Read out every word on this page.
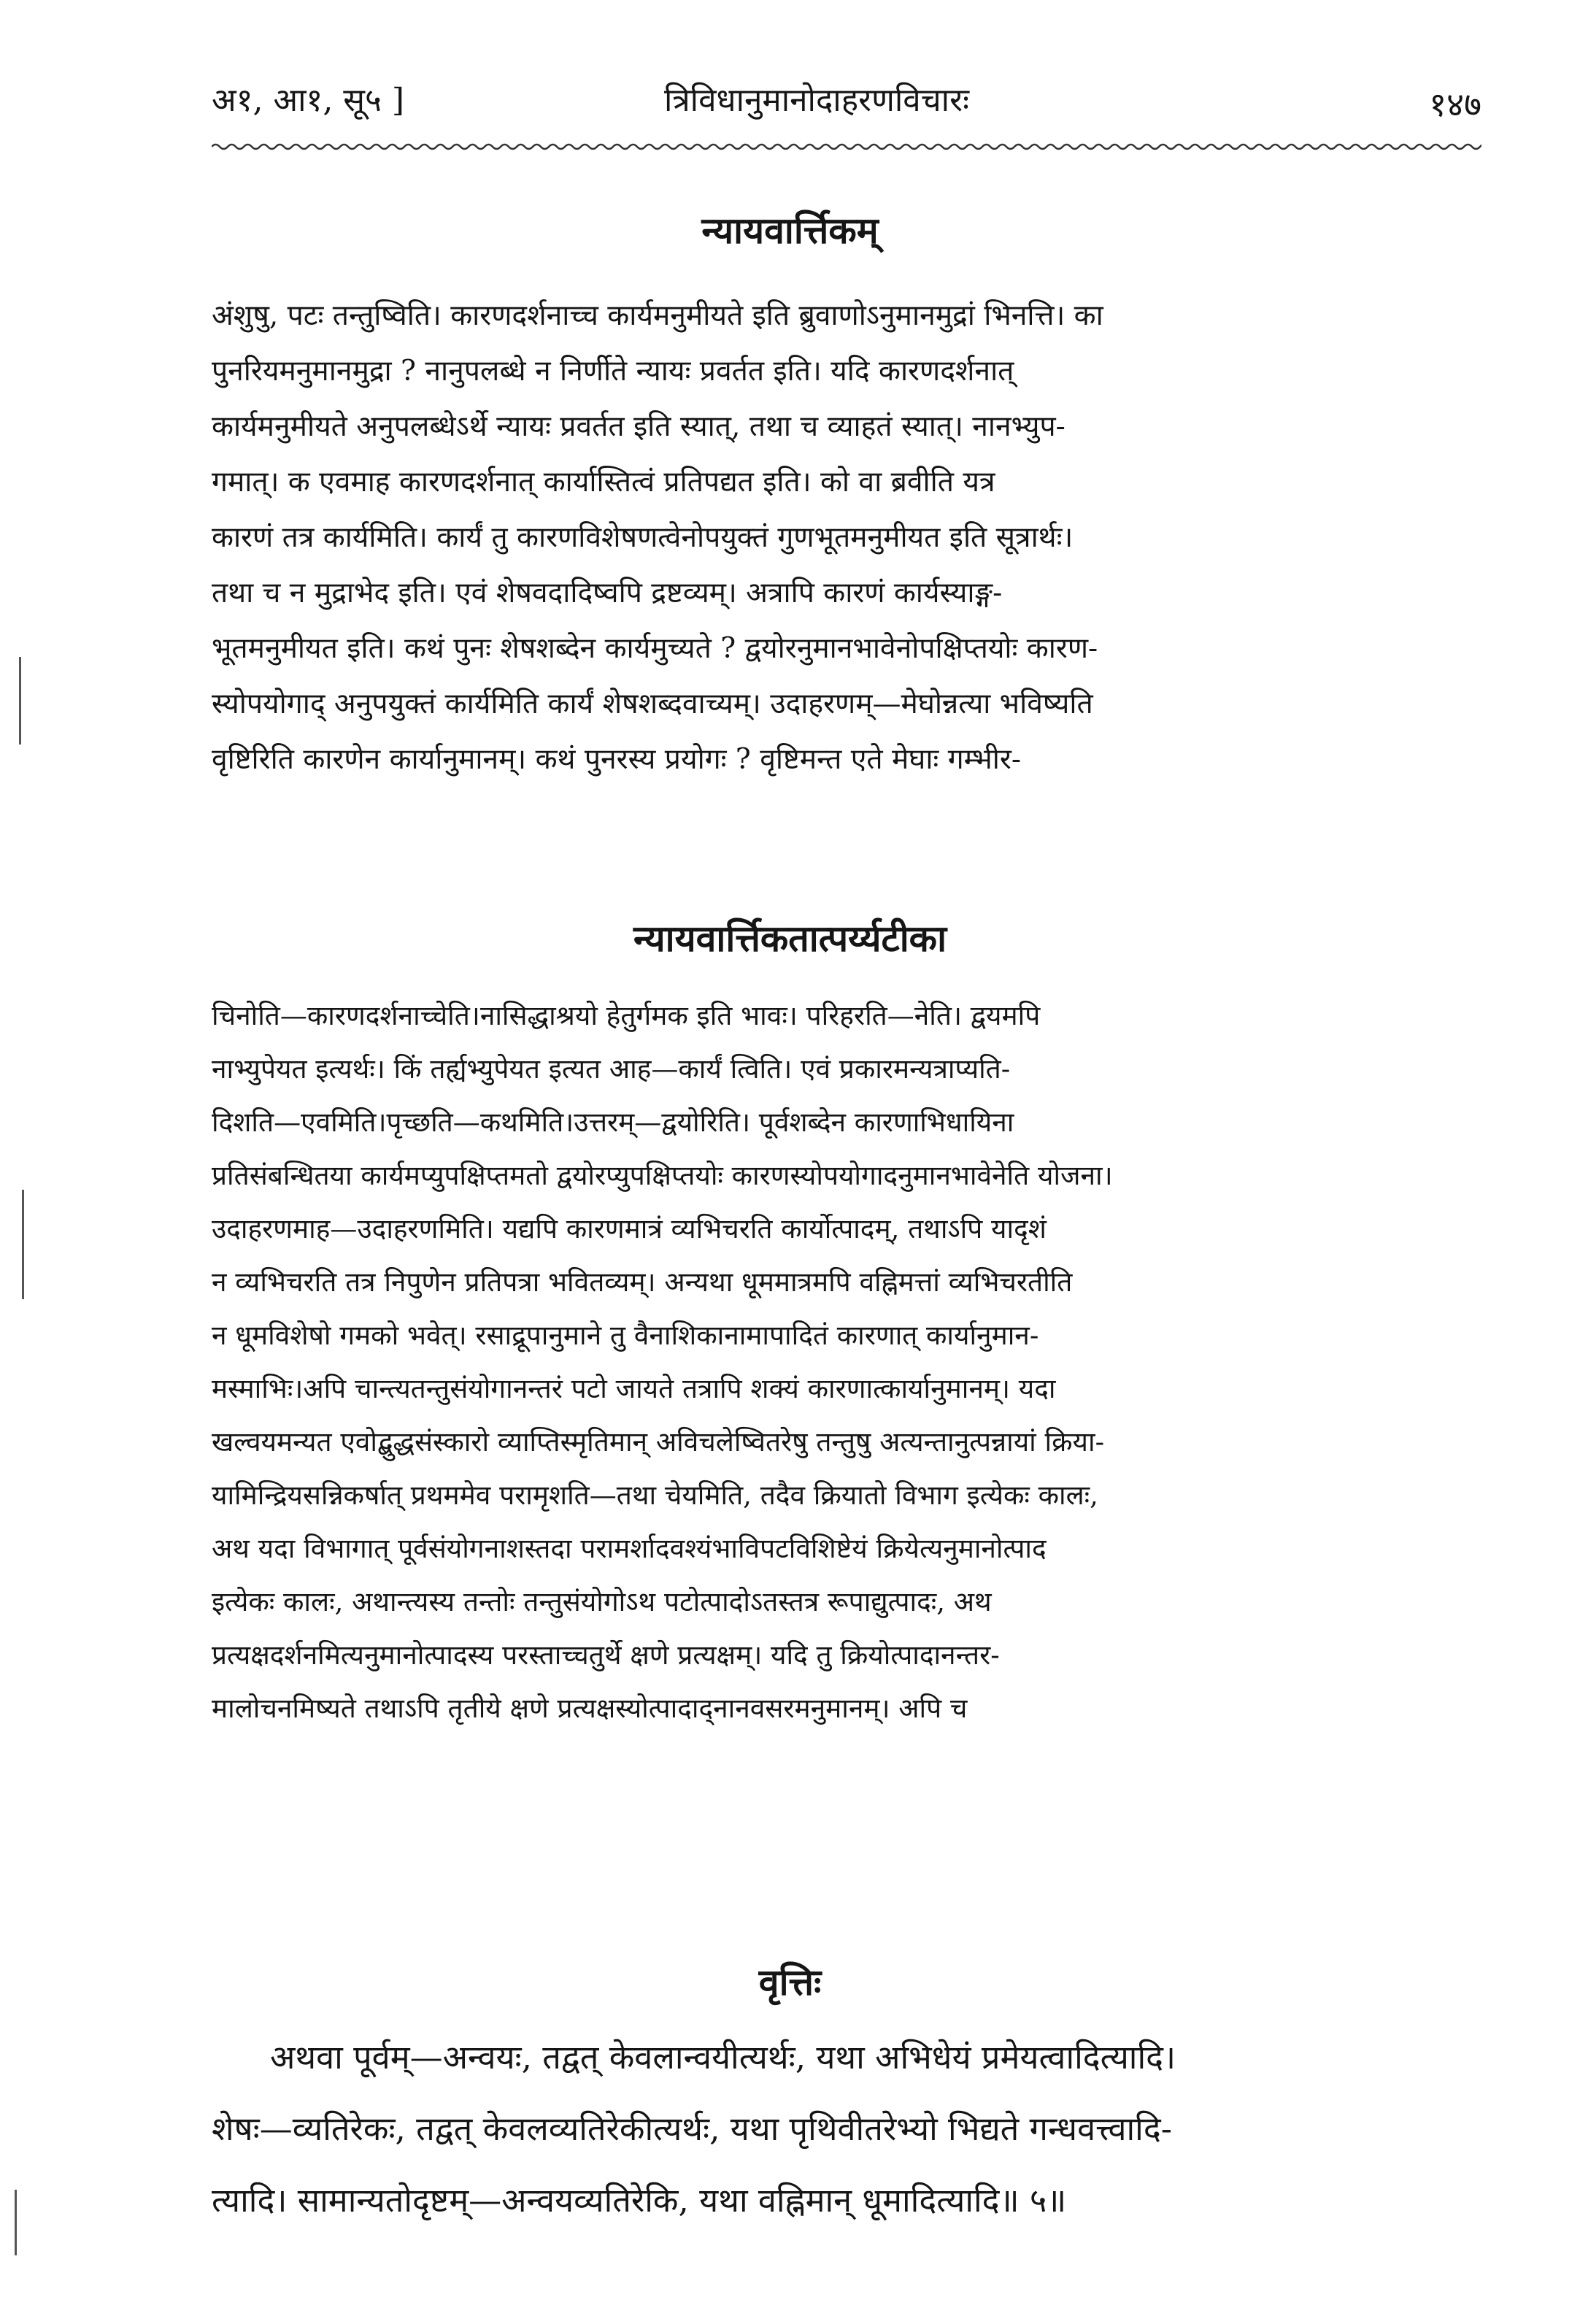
अ१, आ१, सू५ ]	त्रिविधानुमानोदाहरणविचारः	१४७
न्यायवार्त्तिकम्
अंशुषु, पटः तन्तुष्विति। कारणदर्शनाच्च कार्यमनुमीयते इति ब्रुवाणोऽनुमानमुद्रां भिनत्ति। का
पुनरियमनुमानमुद्रा ? नानुपलब्धे न निर्णीते न्यायः प्रवर्तत इति। यदि कारणदर्शनात्
कार्यमनुमीयते अनुपलब्धेऽर्थे न्यायः प्रवर्तत इति स्यात्, तथा च व्याहतं स्यात्। नानभ्युप-
गमात्। क एवमाह कारणदर्शनात् कार्यास्तित्वं प्रतिपद्यत इति। को वा ब्रवीति यत्र
कारणं तत्र कार्यमिति। कार्यं तु कारणविशेषणत्वेनोपयुक्तं गुणभूतमनुमीयत इति सूत्रार्थः।
तथा च न मुद्राभेद इति। एवं शेषवदादिष्वपि द्रष्टव्यम्। अत्रापि कारणं कार्यस्याङ्ग-
भूतमनुमीयत इति। कथं पुनः शेषशब्देन कार्यमुच्यते ? द्वयोरनुमानभावेनोपक्षिप्तयोः कारण-
स्योपयोगाद् अनुपयुक्तं कार्यमिति कार्यं शेषशब्दवाच्यम्। उदाहरणम्—मेघोन्नत्या भविष्यति
वृष्टिरिति कारणेन कार्यानुमानम्। कथं पुनरस्य प्रयोगः ? वृष्टिमन्त एते मेघाः गम्भीर-
न्यायवार्त्तिकतात्पर्य्यटीका
चिनोति—कारणदर्शनाच्चेति।नासिद्धाश्रयो हेतुर्गमक इति भावः। परिहरति—नेति। द्वयमपि
नाभ्युपेयत इत्यर्थः। किं तर्ह्यभ्युपेयत इत्यत आह—कार्यं त्विति। एवं प्रकारमन्यत्राप्यति-
दिशति—एवमिति।पृच्छति—कथमिति।उत्तरम्—द्वयोरिति। पूर्वशब्देन कारणाभिधायिना
प्रतिसंबन्धितया कार्यमप्युपक्षिप्तमतो द्वयोरप्युपक्षिप्तयोः कारणस्योपयोगादनुमानभावेनेति योजना।
उदाहरणमाह—उदाहरणमिति। यद्यपि कारणमात्रं व्यभिचरति कार्योत्पादम्, तथाऽपि यादृशं
न व्यभिचरति तत्र निपुणेन प्रतिपत्रा भवितव्यम्। अन्यथा धूममात्रमपि वह्निमत्तां व्यभिचरतीति
न धूमविशेषो गमको भवेत्। रसाद्रूपानुमाने तु वैनाशिकानामापादितं कारणात् कार्यानुमान-
मस्माभिः।अपि चान्त्यतन्तुसंयोगानन्तरं पटो जायते तत्रापि शक्यं कारणात्कार्यानुमानम्। यदा
खल्वयमन्यत एवोद्बुद्धसंस्कारो व्याप्तिस्मृतिमान् अविचलेष्वितरेषु तन्तुषु अत्यन्तानुत्पन्नायां क्रिया-
यामिन्द्रियसन्निकर्षात् प्रथममेव परामृशति—तथा चेयमिति, तदैव क्रियातो विभाग इत्येकः कालः,
अथ यदा विभागात् पूर्वसंयोगनाशस्तदा परामर्शादवश्यंभाविपटविशिष्टेयं क्रियेत्यनुमानोत्पाद
इत्येकः कालः, अथान्त्यस्य तन्तोः तन्तुसंयोगोऽथ पटोत्पादोऽतस्तत्र रूपाद्युत्पादः, अथ
प्रत्यक्षदर्शनमित्यनुमानोत्पादस्य परस्ताच्चतुर्थे क्षणे प्रत्यक्षम्। यदि तु क्रियोत्पादानन्तर-
मालोचनमिष्यते तथाऽपि तृतीये क्षणे प्रत्यक्षस्योत्पादाद्नानवसरमनुमानम्। अपि च
वृत्तिः
अथवा पूर्वम्—अन्वयः, तद्वत् केवलान्वयीत्यर्थः, यथा अभिधेयं प्रमेयत्वादित्यादि।
शेषः—व्यतिरेकः, तद्वत् केवलव्यतिरेकीत्यर्थः, यथा पृथिवीतरेभ्यो भिद्यते गन्धवत्त्वादि-
त्यादि। सामान्यतोदृष्टम्—अन्वयव्यतिरेकि, यथा वह्निमान् धूमादित्यादि॥ ५॥
